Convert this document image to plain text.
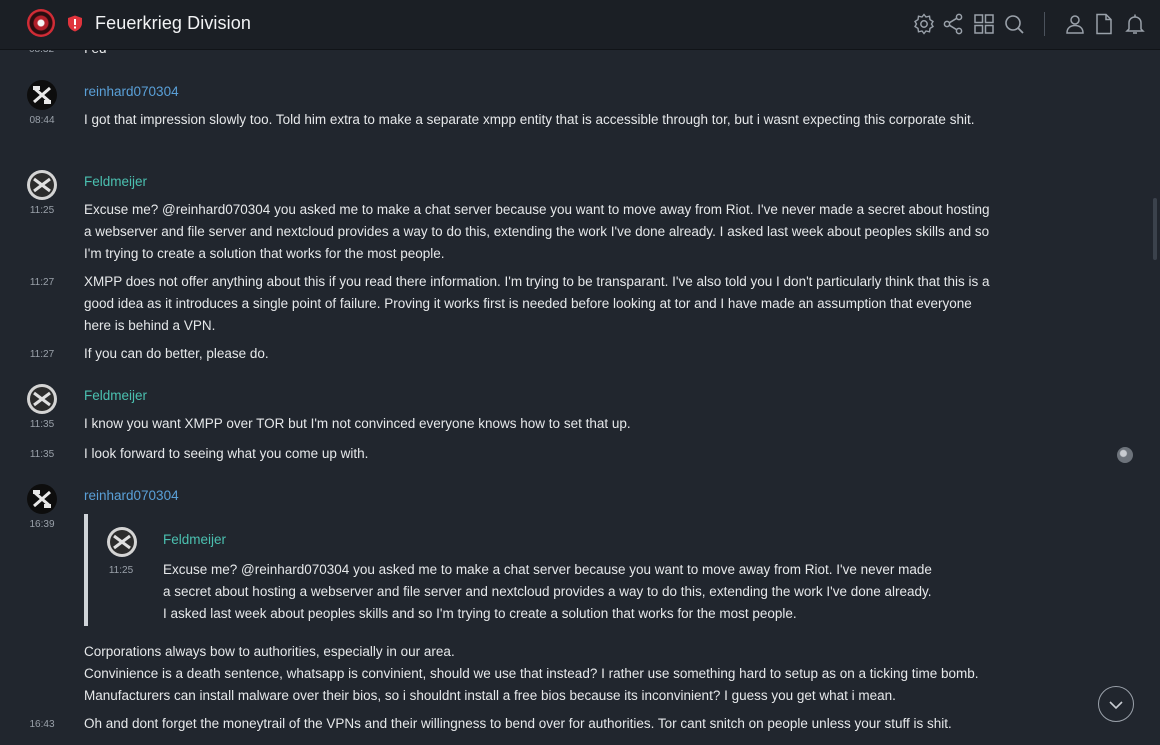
08:44
reinhard070304
I got that impression slowly too. Told him extra to make a separate xmpp entity that is accessible through tor, but i wasnt expecting this corporate shit.
11:25
Feldmeijer
Excuse me? @reinhard070304 you asked me to make a chat server because you want to move away from Riot. I've never made a secret about hosting a webserver and file server and nextcloud provides a way to do this, extending the work I've done already. I asked last week about peoples skills and so I'm trying to create a solution that works for the most people.
11:27	XMPP does not offer anything about this if you read there information. I'm trying to be transparant. I've also told you I don't particularly think that this is a good idea as it introduces a single point of failure. Proving it works first is needed before looking at tor and I have made an assumption that everyone here is behind a VPN.
11:27	If you can do better, please do.
11:35
Feldmeijer
I know you want XMPP over TOR but I'm not convinced everyone knows how to set that up.
11:35	I look forward to seeing what you come up with.
16:39
reinhard070304
11:25
Feldmeijer
Excuse me? @reinhard070304 you asked me to make a chat server because you want to move away from Riot. I've never made a secret about hosting a webserver and file server and nextcloud provides a way to do this, extending the work I've done already. I asked last week about peoples skills and so I'm trying to create a solution that works for the most people.
Corporations always bow to authorities, especially in our area.
Convinience is a death sentence, whatsapp is convinient, should we use that instead? I rather use something hard to setup as on a ticking time bomb. Manufacturers can install malware over their bios, so i shouldnt install a free bios because its inconvinient? I guess you get what i mean.
16:43	Oh and dont forget the moneytrail of the VPNs and their willingness to bend over for authorities. Tor cant snitch on people unless your stuff is shit.
Feuerkrieg Division
